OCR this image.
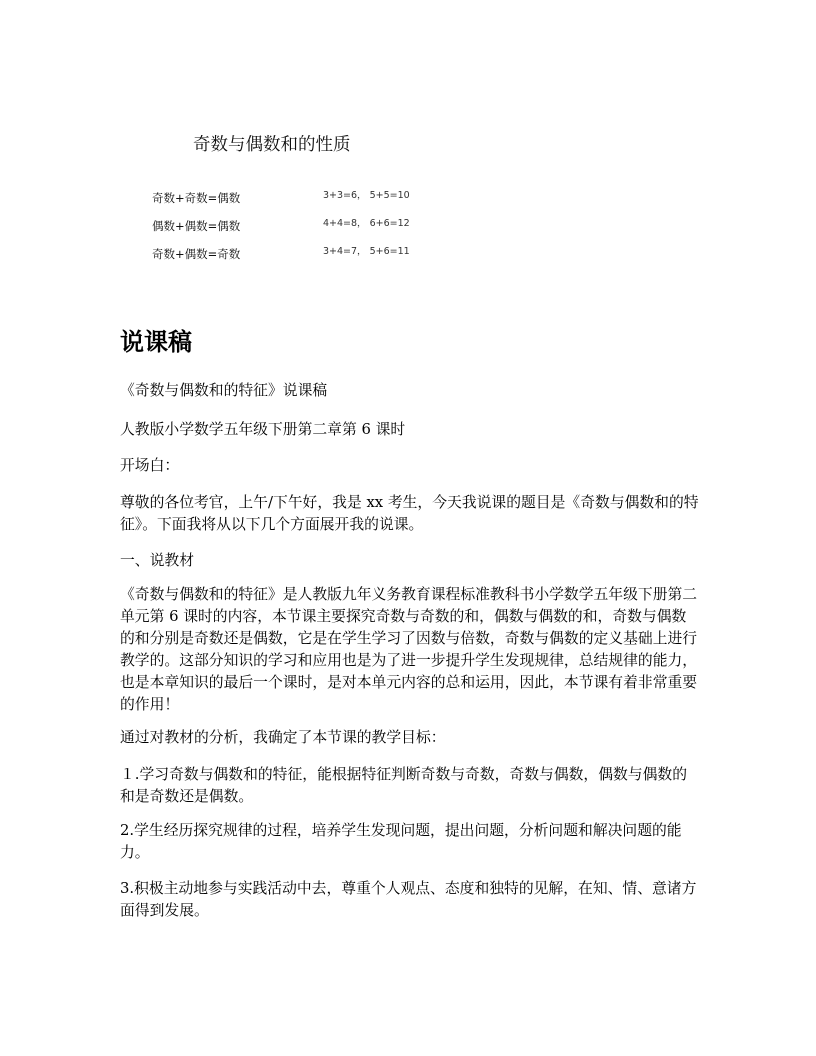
奇数与偶数和的性质
奇数+奇数=偶数	3+3=6， 5+5=10
偶数+偶数=偶数	4+4=8， 6+6=12
奇数+偶数=奇数	3+4=7， 5+6=11
说课稿

《奇数与偶数和的特征》说课稿

人教版小学数学五年级下册第二章第 6 课时

开场白：

尊敬的各位考官，上午/下午好，我是 xx 考生，今天我说课的题目是《奇数与偶数和的特征》。下面我将从以下几个方面展开我的说课。

一、说教材

《奇数与偶数和的特征》是人教版九年义务教育课程标准教科书小学数学五年级下册第二单元第 6 课时的内容，本节课主要探究奇数与奇数的和，偶数与偶数的和，奇数与偶数的和分别是奇数还是偶数，它是在学生学习了因数与倍数，奇数与偶数的定义基础上进行教学的。这部分知识的学习和应用也是为了进一步提升学生发现规律，总结规律的能力，也是本章知识的最后一个课时，是对本单元内容的总和运用，因此，本节课有着非常重要的作用！

通过对教材的分析，我确定了本节课的教学目标：

１.学习奇数与偶数和的特征，能根据特征判断奇数与奇数，奇数与偶数，偶数与偶数的和是奇数还是偶数。

2.学生经历探究规律的过程，培养学生发现问题，提出问题，分析问题和解决问题的能力。

3.积极主动地参与实践活动中去，尊重个人观点、态度和独特的见解，在知、情、意诸方面得到发展。
